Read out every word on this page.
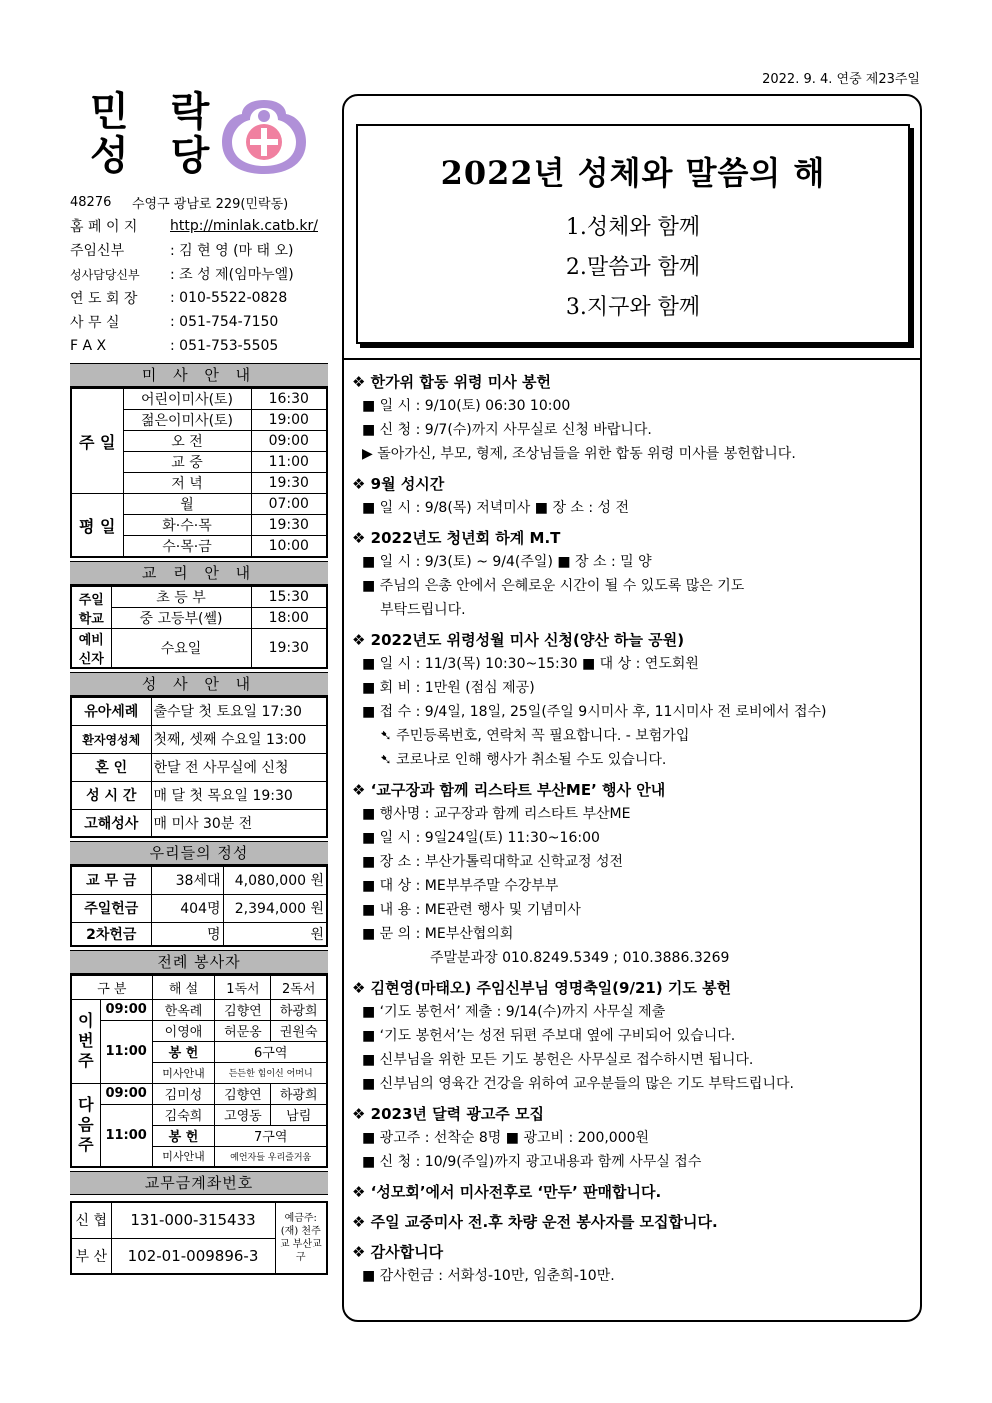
2022. 9. 4. 연중 제23주일
민 락
성 당
48276	수영구 광남로 229(민락동)
홈 페 이 지	http://minlak.catb.kr/
주임신부	: 김 현 영 (마 태 오)
성사담당신부	: 조 성 제(임마누엘)
연 도 회 장	: 010-5522-0828
사 무 실	: 051-754-7150
F A X	: 051-753-5505
미 사 안 내
주 일	어린이미사(토)	16:30
	젊은이미사(토)	19:00
	오 전	09:00
	교 중	11:00
	저 녁	19:30
평 일	월	07:00
	화·수·목	19:30
	수·목·금	10:00
교 리 안 내
주일 학교	초 등 부	15:30
	중 고등부(쎌)	18:00
예비 신자	수요일	19:30
성 사 안 내
유아세례	출수달 첫 토요일 17:30
환자영성체	첫째, 셋째 수요일 13:00
혼 인	한달 전 사무실에 신청
성 시 간	매 달 첫 목요일 19:30
고해성사	매 미사 30분 전
우리들의 정성
교 무 금	38세대	4,080,000 원
주일헌금	404명	2,394,000 원
2차헌금	명	원
전례 봉사자
구 분		해 설	1독서	2독서
이번주	09:00	한옥례	김향연	하광희
	11:00	이영애	허문옹	권원숙
		봉 헌	6구역	
		미사안내	든든한 힘이신 어머니	
다음주	09:00	김미성	김향연	하광희
	11:00	김숙희	고영동	남림
		봉 헌	7구역	
		미사안내	예언자들 우리즐거움	
교무금계좌번호
신 협	131-000-315433	예금주: (재) 천주교 부산교구
부 산	102-01-009896-3	
2022년 성체와 말씀의 해
1.성체와 함께
2.말씀과 함께
3.지구와 함께
❖ 한가위 합동 위령 미사 봉헌

■ 일 시 : 9/10(토) 06:30 10:00

■ 신 청 : 9/7(수)까지 사무실로 신청 바랍니다.

▶ 돌아가신, 부모, 형제, 조상님들을 위한 합동 위령 미사를 봉헌합니다.

❖ 9월 성시간

■ 일 시 : 9/8(목) 저녁미사 ■ 장 소 : 성 전

❖ 2022년도 청년회 하계 M.T

■ 일 시 : 9/3(토) ~ 9/4(주일) ■ 장 소 : 밀 양

■ 주님의 은총 안에서 은혜로운 시간이 될 수 있도록 많은 기도

부탁드립니다.

❖ 2022년도 위령성월 미사 신청(양산 하늘 공원)

■ 일 시 : 11/3(목) 10:30~15:30 ■ 대 상 : 연도회원

■ 회 비 : 1만원 (점심 제공)

■ 접 수 : 9/4일, 18일, 25일(주일 9시미사 후, 11시미사 전 로비에서 접수)

➷ 주민등록번호, 연락처 꼭 필요합니다. - 보험가입

➷ 코로나로 인해 행사가 취소될 수도 있습니다.

❖ ‘교구장과 함께 리스타트 부산ME’ 행사 안내

■ 행사명 : 교구장과 함께 리스타트 부산ME

■ 일 시 : 9일24일(토) 11:30~16:00

■ 장 소 : 부산가톨릭대학교 신학교정 성전

■ 대 상 : ME부부주말 수강부부

■ 내 용 : ME관련 행사 및 기념미사

■ 문 의 : ME부산협의회

주말분과장 010.8249.5349 ; 010.3886.3269

❖ 김현영(마태오) 주임신부님 영명축일(9/21) 기도 봉헌

■ ‘기도 봉헌서’ 제출 : 9/14(수)까지 사무실 제출

■ ‘기도 봉헌서’는 성전 뒤편 주보대 옆에 구비되어 있습니다.

■ 신부님을 위한 모든 기도 봉헌은 사무실로 접수하시면 됩니다.

■ 신부님의 영육간 건강을 위하여 교우분들의 많은 기도 부탁드립니다.

❖ 2023년 달력 광고주 모집

■ 광고주 : 선착순 8명 ■ 광고비 : 200,000원

■ 신 청 : 10/9(주일)까지 광고내용과 함께 사무실 접수

❖ ‘성모회’에서 미사전후로 ‘만두’ 판매합니다.
❖ 주일 교중미사 전.후 차량 운전 봉사자를 모집합니다.
❖ 감사합니다

■ 감사헌금 : 서화성-10만, 임춘희-10만.
